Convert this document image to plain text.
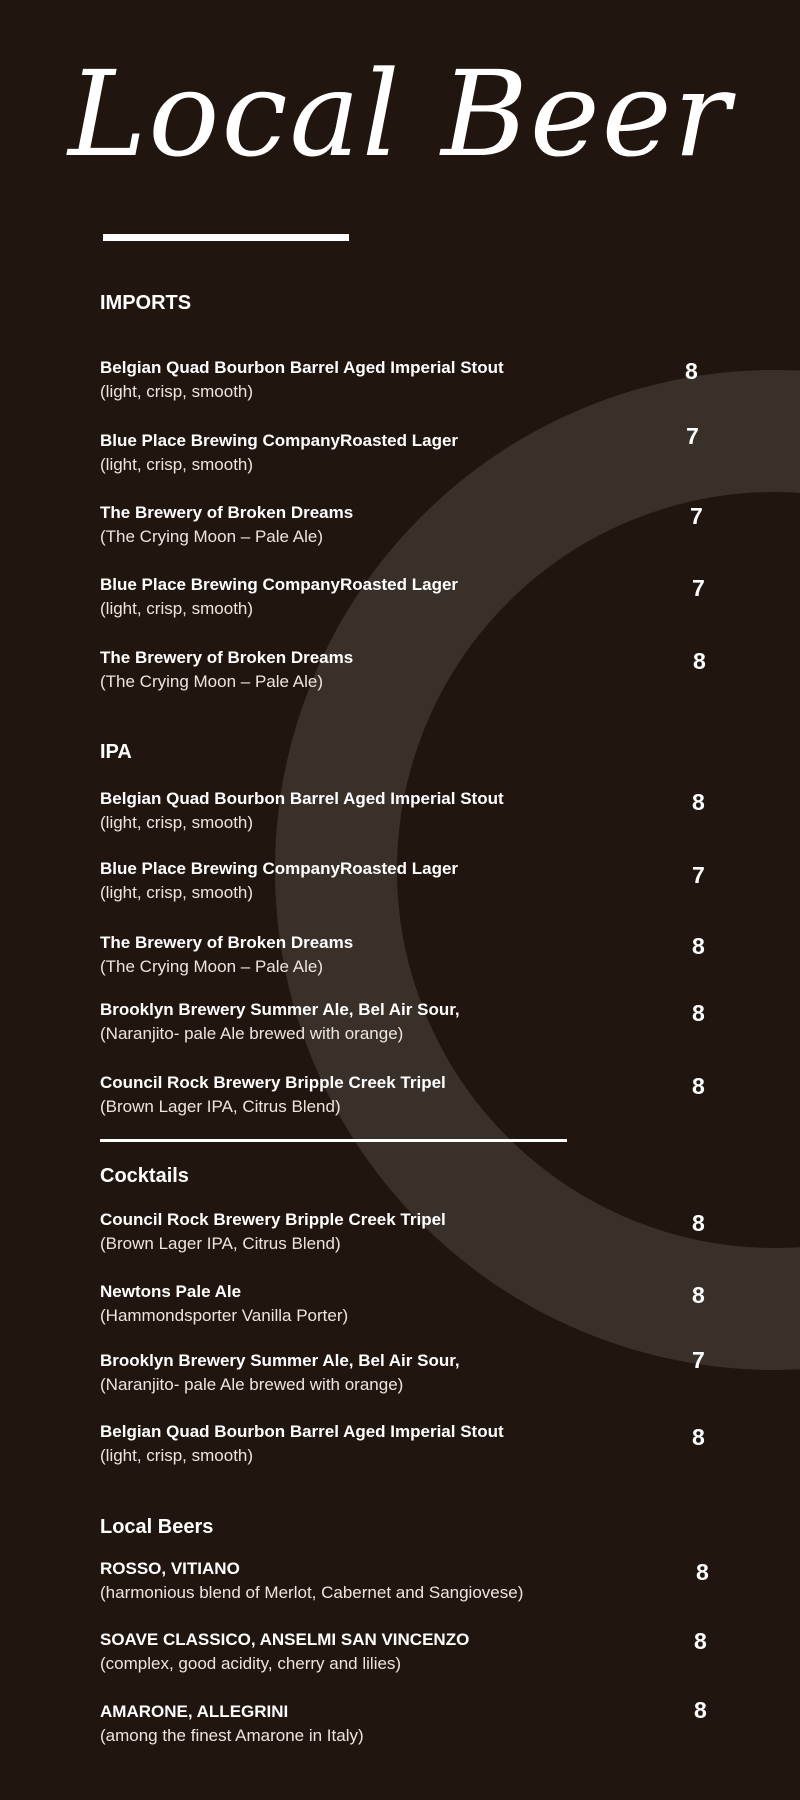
Local Beer
IMPORTS
Belgian Quad Bourbon Barrel Aged Imperial Stout
(light, crisp, smooth)
8
Blue Place Brewing CompanyRoasted Lager
(light, crisp, smooth)
7
The Brewery of Broken Dreams
(The Crying Moon – Pale Ale)
7
Blue Place Brewing CompanyRoasted Lager
(light, crisp, smooth)
7
The Brewery of Broken Dreams
(The Crying Moon – Pale Ale)
8
IPA
Belgian Quad Bourbon Barrel Aged Imperial Stout
(light, crisp, smooth)
8
Blue Place Brewing CompanyRoasted Lager
(light, crisp, smooth)
7
The Brewery of Broken Dreams
(The Crying Moon – Pale Ale)
8
Brooklyn Brewery Summer Ale, Bel Air Sour,
(Naranjito- pale Ale brewed with orange)
8
Council Rock Brewery Bripple Creek Tripel
(Brown Lager IPA, Citrus Blend)
8
Cocktails
Council Rock Brewery Bripple Creek Tripel
(Brown Lager IPA, Citrus Blend)
8
Newtons Pale Ale
(Hammondsporter Vanilla Porter)
8
Brooklyn Brewery Summer Ale, Bel Air Sour,
(Naranjito- pale Ale brewed with orange)
7
Belgian Quad Bourbon Barrel Aged Imperial Stout
(light, crisp, smooth)
8
Local Beers
ROSSO, VITIANO
(harmonious blend of Merlot, Cabernet and Sangiovese)
8
SOAVE CLASSICO, ANSELMI SAN VINCENZO
(complex, good acidity, cherry and lilies)
8
AMARONE, ALLEGRINI
(among the finest Amarone in Italy)
8
